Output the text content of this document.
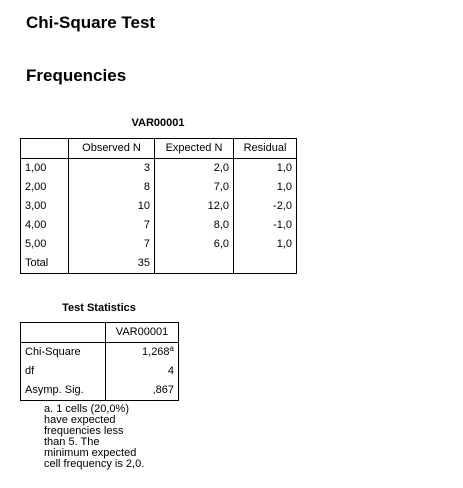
Chi-Square Test
Frequencies
VAR00001
	Observed N	Expected N	Residual
1,00	3	2,0	1,0
2,00	8	7,0	1,0
3,00	10	12,0	-2,0
4,00	7	8,0	-1,0
5,00	7	6,0	1,0
Total	35		
Test Statistics
	VAR00001
Chi-Square	1,268$^a$
df	4
Asymp. Sig.	,867
a. 1 cells (20,0%)
have expected
frequencies less
than 5. The
minimum expected
cell frequency is 2,0.
